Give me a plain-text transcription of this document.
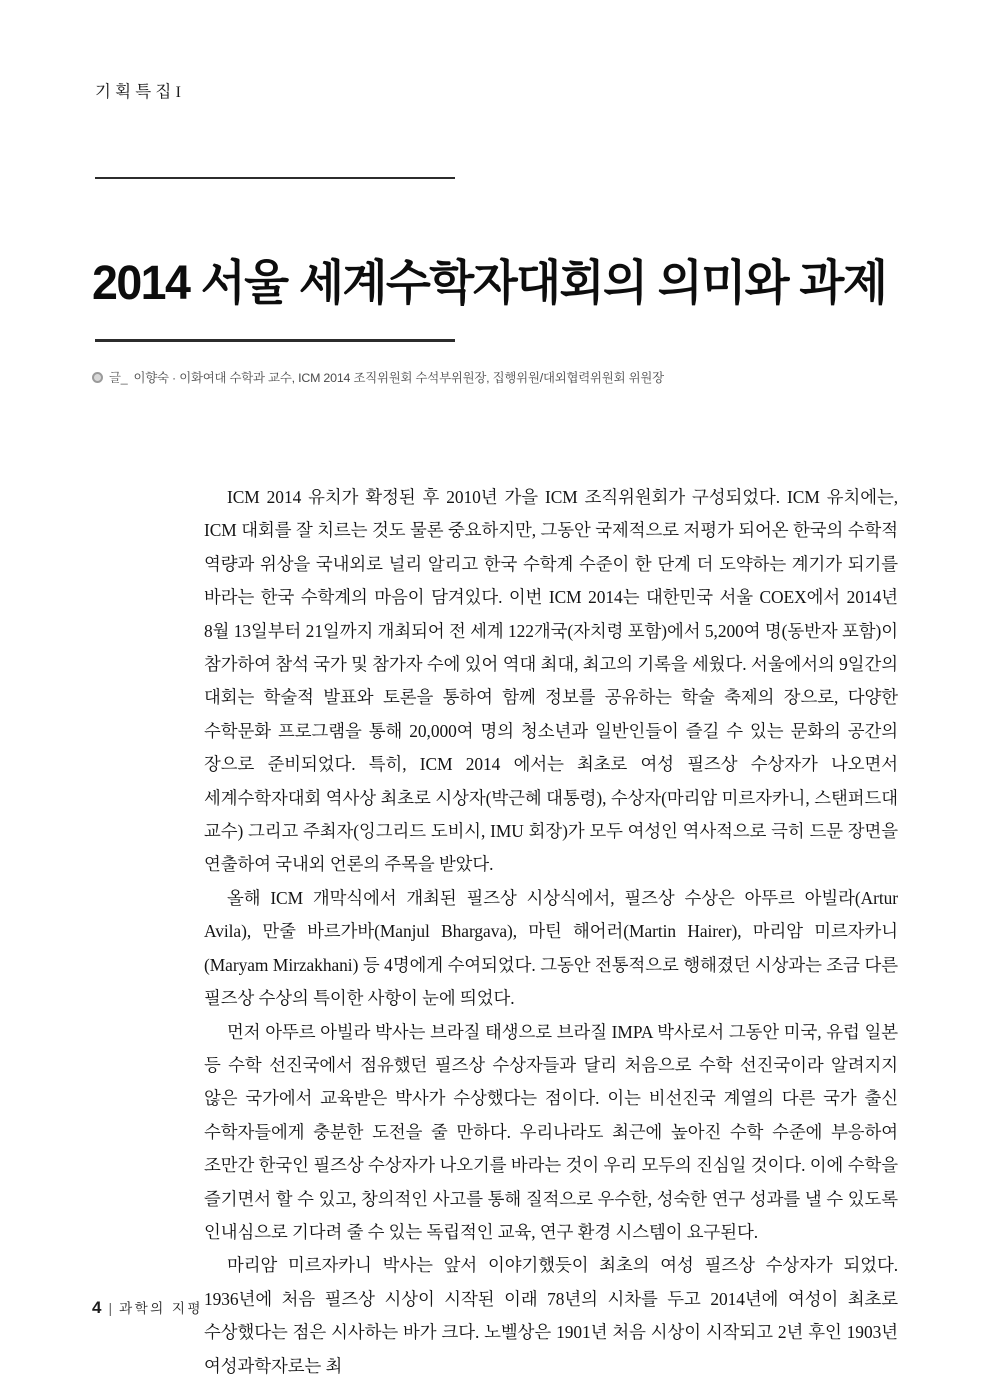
기획특집I
2014 서울 세계수학자대회의 의미와 과제
글_ 이향숙 · 이화여대 수학과 교수, ICM 2014 조직위원회 수석부위원장, 집행위원/대외협력위원회 위원장

ICM 2014 유치가 확정된 후 2010년 가을 ICM 조직위원회가 구성되었다. ICM 유치에는, ICM 대회를 잘 치르는 것도 물론 중요하지만, 그동안 국제적으로 저평가 되어온 한국의 수학적 역량과 위상을 국내외로 널리 알리고 한국 수학계 수준이 한 단계 더 도약하는 계기가 되기를 바라는 한국 수학계의 마음이 담겨있다. 이번 ICM 2014는 대한민국 서울 COEX에서 2014년 8월 13일부터 21일까지 개최되어 전 세계 122개국(자치령 포함)에서 5,200여 명(동반자 포함)이 참가하여 참석 국가 및 참가자 수에 있어 역대 최대, 최고의 기록을 세웠다. 서울에서의 9일간의 대회는 학술적 발표와 토론을 통하여 함께 정보를 공유하는 학술 축제의 장으로, 다양한 수학문화 프로그램을 통해 20,000여 명의 청소년과 일반인들이 즐길 수 있는 문화의 공간의 장으로 준비되었다. 특히, ICM 2014 에서는 최초로 여성 필즈상 수상자가 나오면서 세계수학자대회 역사상 최초로 시상자(박근혜 대통령), 수상자(마리암 미르자카니, 스탠퍼드대 교수) 그리고 주최자(잉그리드 도비시, IMU 회장)가 모두 여성인 역사적으로 극히 드문 장면을 연출하여 국내외 언론의 주목을 받았다.

올해 ICM 개막식에서 개최된 필즈상 시상식에서, 필즈상 수상은 아뚜르 아빌라(Artur Avila), 만줄 바르가바(Manjul Bhargava), 마틴 해어러(Martin Hairer), 마리암 미르자카니(Maryam Mirzakhani) 등 4명에게 수여되었다. 그동안 전통적으로 행해졌던 시상과는 조금 다른 필즈상 수상의 특이한 사항이 눈에 띄었다.

먼저 아뚜르 아빌라 박사는 브라질 태생으로 브라질 IMPA 박사로서 그동안 미국, 유럽 일본 등 수학 선진국에서 점유했던 필즈상 수상자들과 달리 처음으로 수학 선진국이라 알려지지 않은 국가에서 교육받은 박사가 수상했다는 점이다. 이는 비선진국 계열의 다른 국가 출신 수학자들에게 충분한 도전을 줄 만하다. 우리나라도 최근에 높아진 수학 수준에 부응하여 조만간 한국인 필즈상 수상자가 나오기를 바라는 것이 우리 모두의 진심일 것이다. 이에 수학을 즐기면서 할 수 있고, 창의적인 사고를 통해 질적으로 우수한, 성숙한 연구 성과를 낼 수 있도록 인내심으로 기다려 줄 수 있는 독립적인 교육, 연구 환경 시스템이 요구된다.

마리암 미르자카니 박사는 앞서 이야기했듯이 최초의 여성 필즈상 수상자가 되었다. 1936년에 처음 필즈상 시상이 시작된 이래 78년의 시차를 두고 2014년에 여성이 최초로 수상했다는 점은 시사하는 바가 크다. 노벨상은 1901년 처음 시상이 시작되고 2년 후인 1903년 여성과학자로는 최

4 | 과학의 지평
